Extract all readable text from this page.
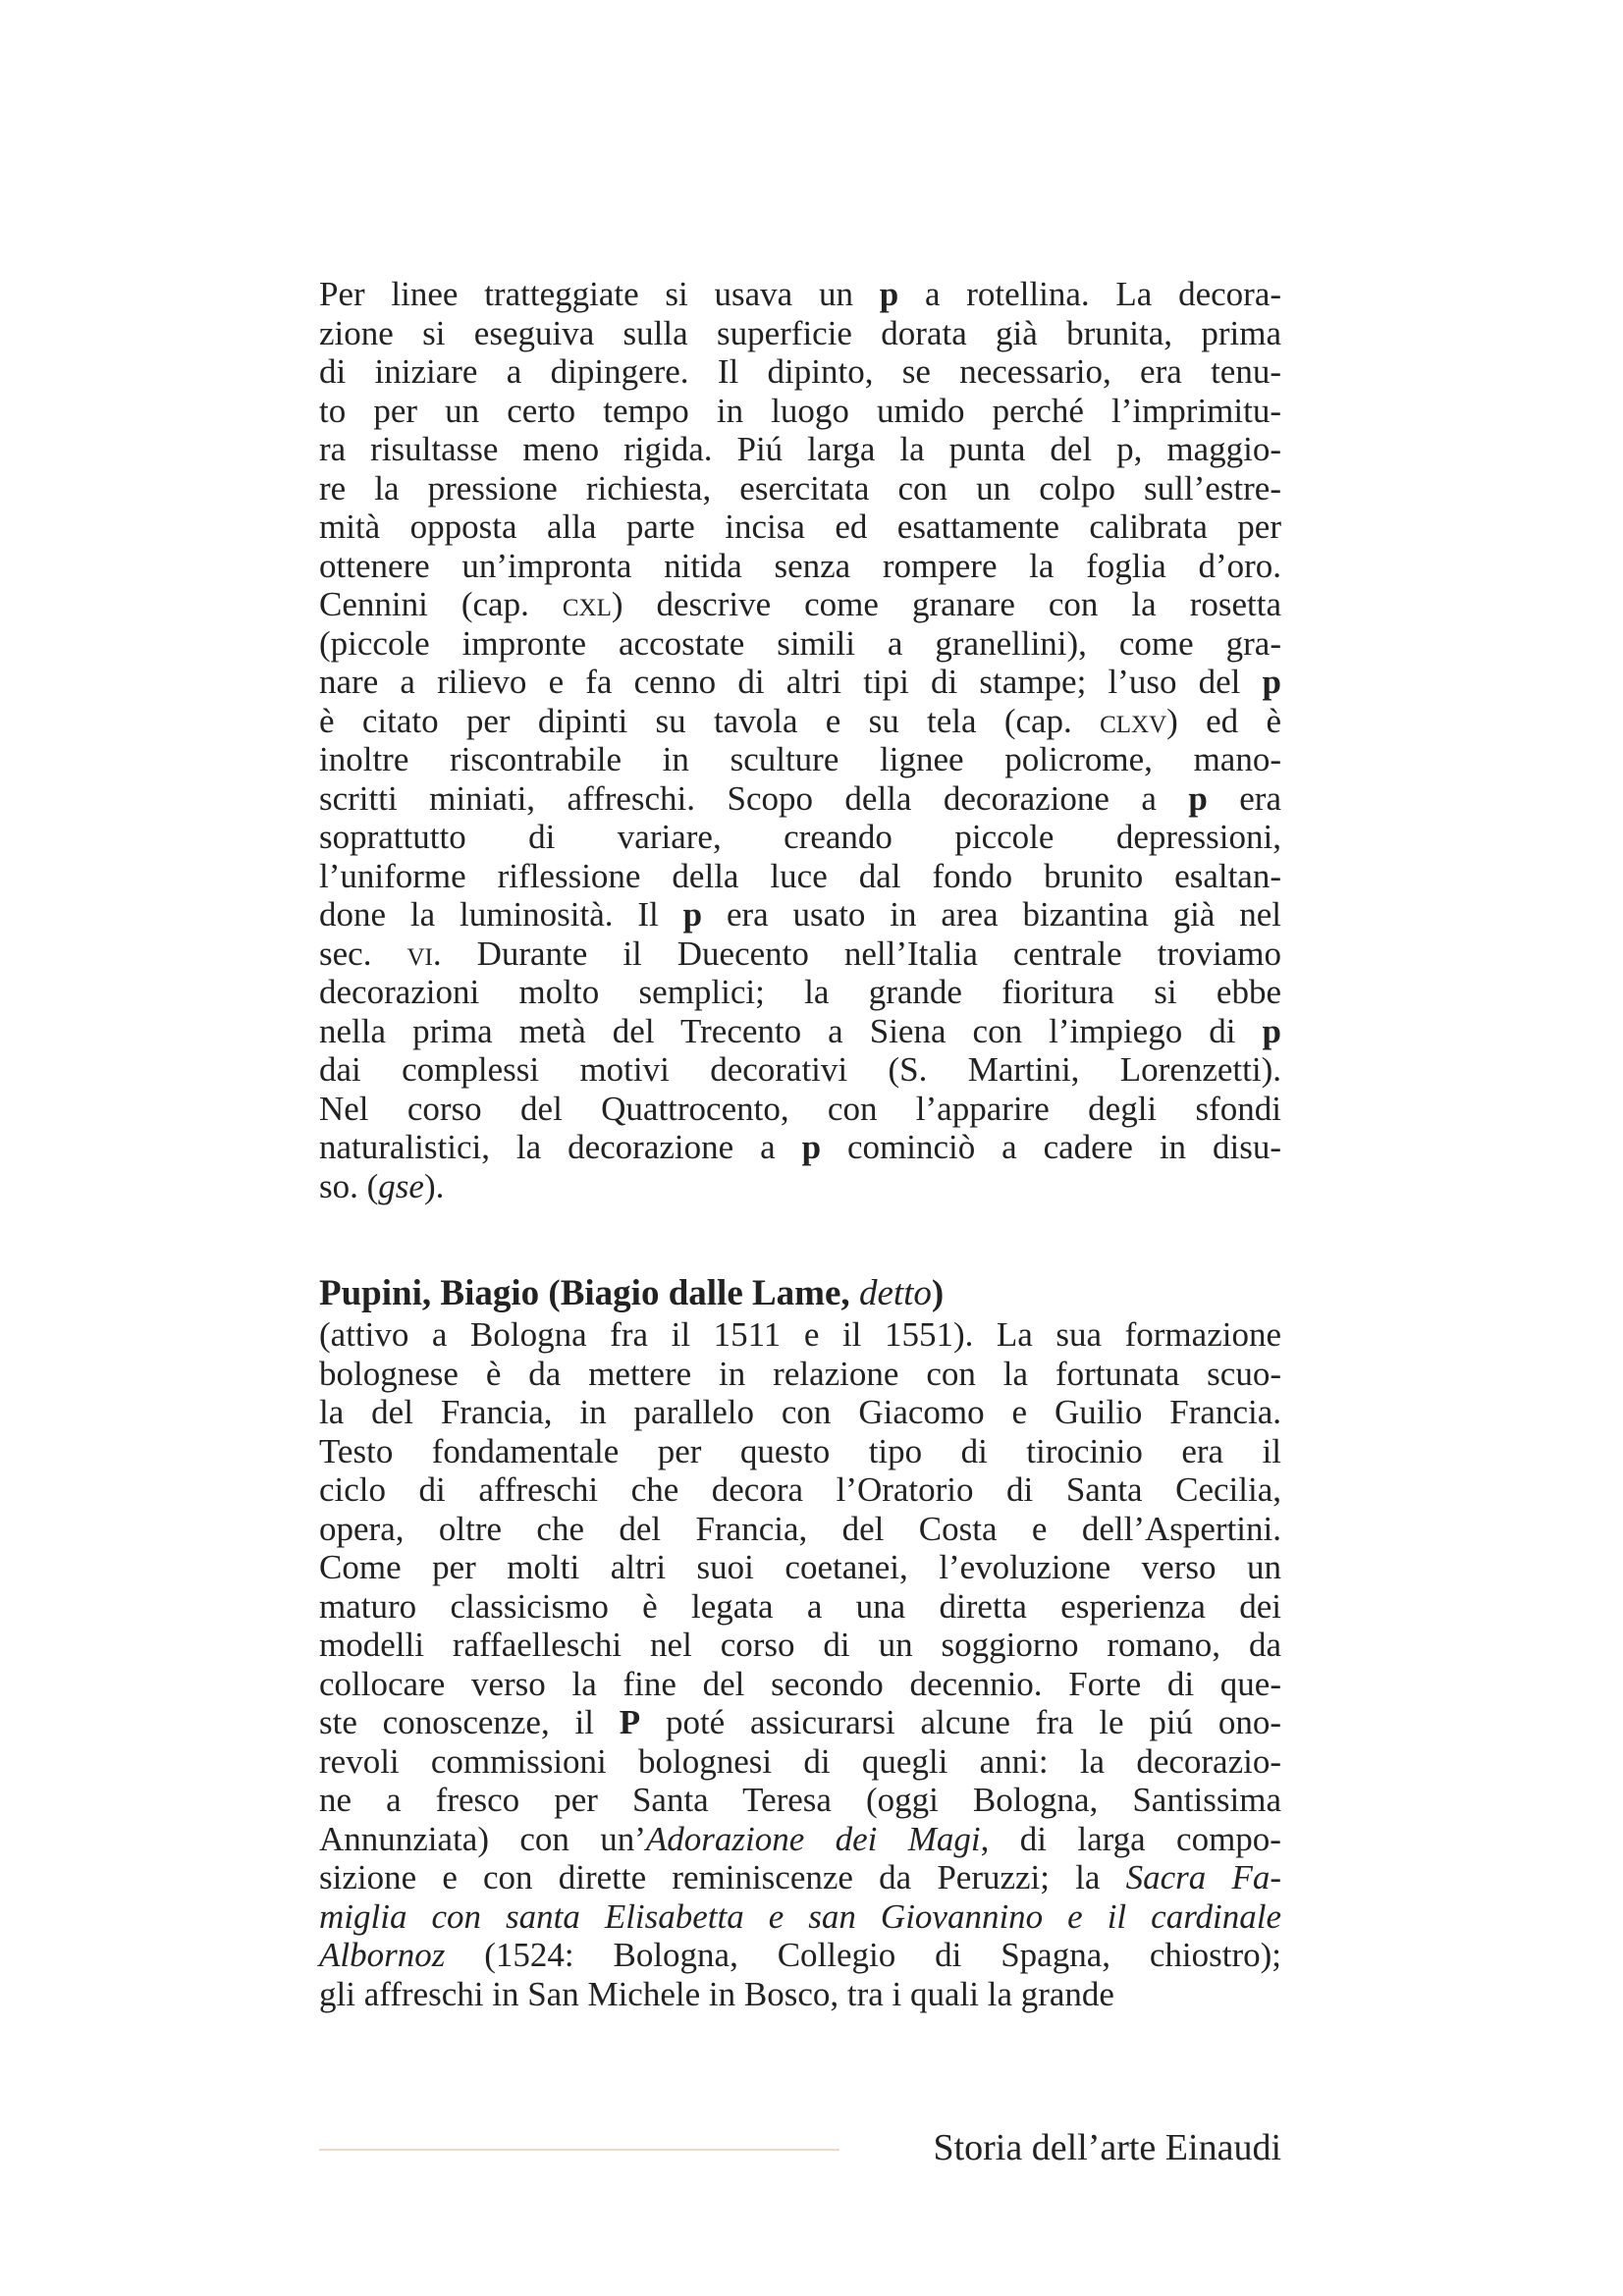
Per linee tratteggiate si usava un p a rotellina. La decora-
zione si eseguiva sulla superficie dorata già brunita, prima
di iniziare a dipingere. Il dipinto, se necessario, era tenu-
to per un certo tempo in luogo umido perché l’imprimitu-
ra risultasse meno rigida. Piú larga la punta del p, maggio-
re la pressione richiesta, esercitata con un colpo sull’estre-
mità opposta alla parte incisa ed esattamente calibrata per
ottenere un’impronta nitida senza rompere la foglia d’oro.
Cennini (cap. cxl) descrive come granare con la rosetta
(piccole impronte accostate simili a granellini), come gra-
nare a rilievo e fa cenno di altri tipi di stampe; l’uso del p
è citato per dipinti su tavola e su tela (cap. clxv) ed è
inoltre riscontrabile in sculture lignee policrome, mano-
scritti miniati, affreschi. Scopo della decorazione a p era
soprattutto di variare, creando piccole depressioni,
l’uniforme riflessione della luce dal fondo brunito esaltan-
done la luminosità. Il p era usato in area bizantina già nel
sec. vi. Durante il Duecento nell’Italia centrale troviamo
decorazioni molto semplici; la grande fioritura si ebbe
nella prima metà del Trecento a Siena con l’impiego di p
dai complessi motivi decorativi (S. Martini, Lorenzetti).
Nel corso del Quattrocento, con l’apparire degli sfondi
naturalistici, la decorazione a p cominciò a cadere in disu-
so. (gse).
Pupini, Biagio (Biagio dalle Lame, detto)
(attivo a Bologna fra il 1511 e il 1551). La sua formazione
bolognese è da mettere in relazione con la fortunata scuo-
la del Francia, in parallelo con Giacomo e Guilio Francia.
Testo fondamentale per questo tipo di tirocinio era il
ciclo di affreschi che decora l’Oratorio di Santa Cecilia,
opera, oltre che del Francia, del Costa e dell’Aspertini.
Come per molti altri suoi coetanei, l’evoluzione verso un
maturo classicismo è legata a una diretta esperienza dei
modelli raffaelleschi nel corso di un soggiorno romano, da
collocare verso la fine del secondo decennio. Forte di que-
ste conoscenze, il P poté assicurarsi alcune fra le piú ono-
revoli commissioni bolognesi di quegli anni: la decorazio-
ne a fresco per Santa Teresa (oggi Bologna, Santissima
Annunziata) con un’Adorazione dei Magi, di larga compo-
sizione e con dirette reminiscenze da Peruzzi; la Sacra Fa-
miglia con santa Elisabetta e san Giovannino e il cardinale
Albornoz (1524: Bologna, Collegio di Spagna, chiostro);
gli affreschi in San Michele in Bosco, tra i quali la grande
Storia dell’arte Einaudi
